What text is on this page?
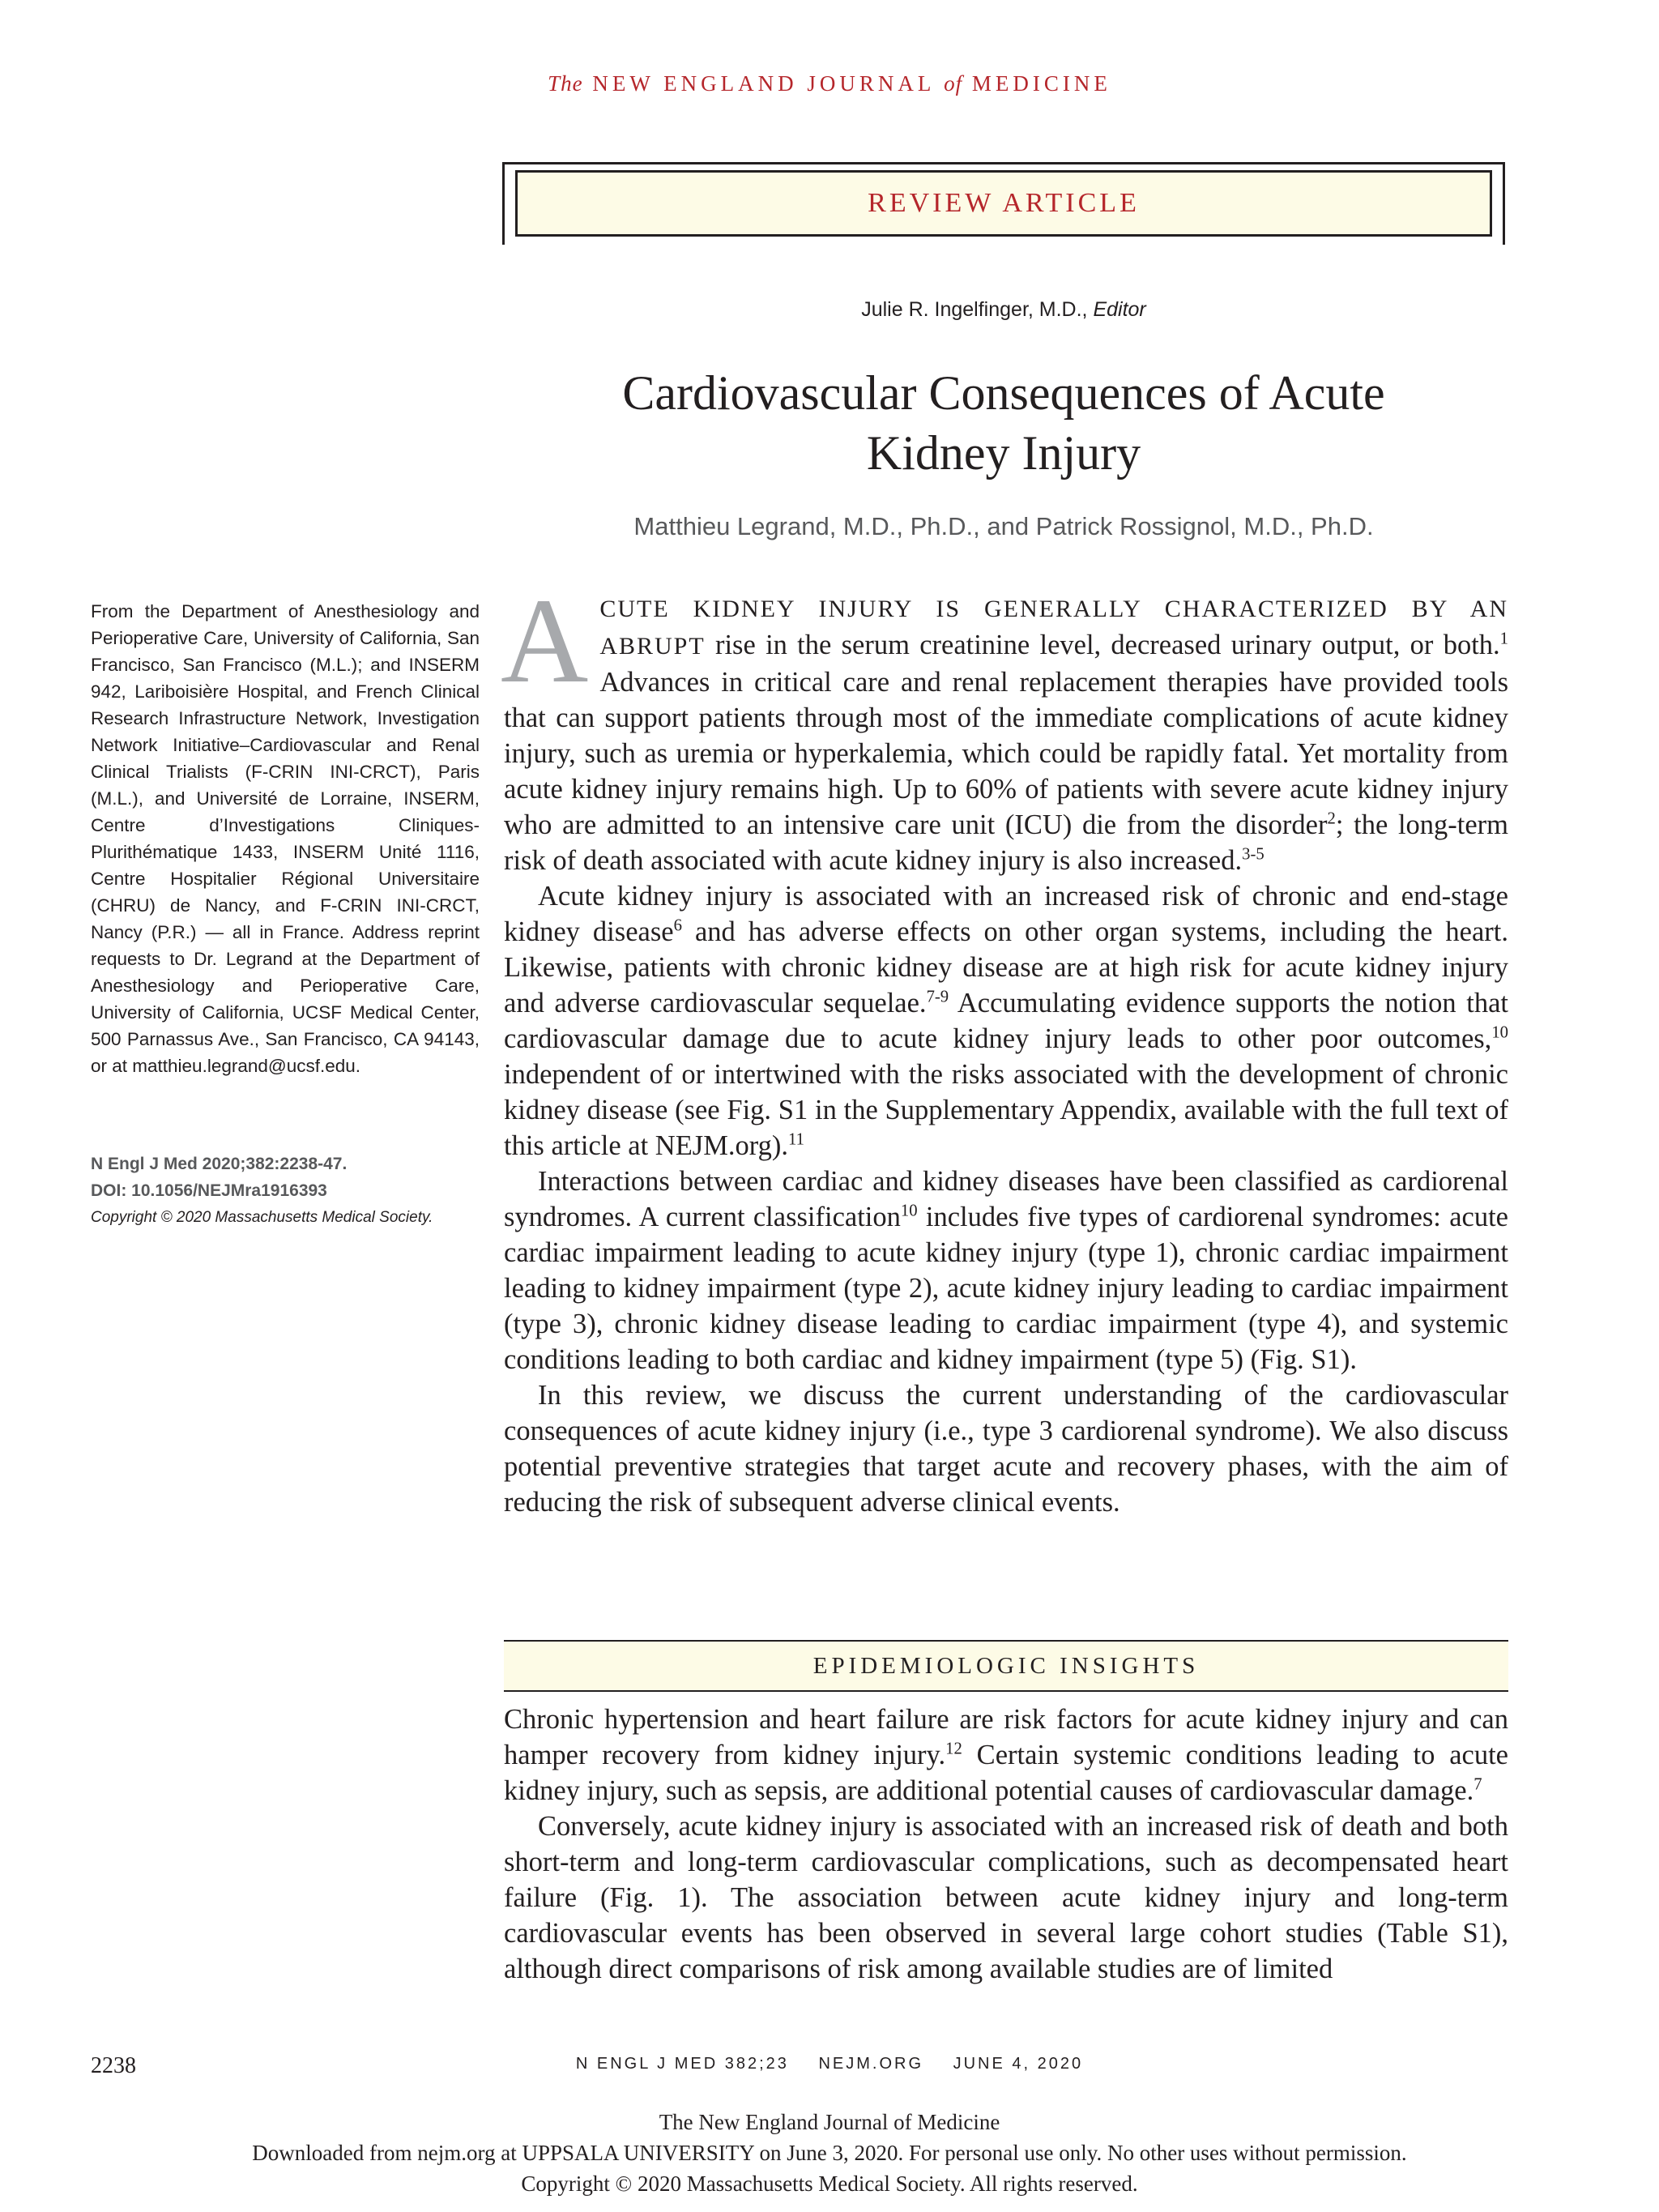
The NEW ENGLAND JOURNAL of MEDICINE
REVIEW ARTICLE
Julie R. Ingelfinger, M.D., Editor
Cardiovascular Consequences of Acute
Kidney Injury
Matthieu Legrand, M.D., Ph.D., and Patrick Rossignol, M.D., Ph.D.

From the Department of Anesthesiology and Perioperative Care, University of California, San Francisco, San Francisco (M.L.); and INSERM 942, Lariboisière Hospital, and French Clinical Research Infrastructure Network, Investigation Network Initiative–Cardiovascular and Renal Clinical Trialists (F-CRIN INI-CRCT), Paris (M.L.), and Université de Lorraine, INSERM, Centre d’Investigations Cliniques-Plurithématique 1433, INSERM Unité 1116, Centre Hospitalier Régional Universitaire (CHRU) de Nancy, and F-CRIN INI-CRCT, Nancy (P.R.) — all in France. Address reprint requests to Dr. Legrand at the Department of Anesthesiology and Perioperative Care, University of California, UCSF Medical Center, 500 Parnassus Ave., San Francisco, CA 94143, or at matthieu.legrand@ucsf.edu.

N Engl J Med 2020;382:2238-47.
DOI: 10.1056/NEJMra1916393
Copyright © 2020 Massachusetts Medical Society.

ACUTE KIDNEY INJURY IS GENERALLY CHARACTERIZED BY AN ABRUPT rise in the serum creatinine level, decreased urinary output, or both.$^1$ Advances in critical care and renal replacement therapies have provided tools that can support patients through most of the immediate complications of acute kidney injury, such as uremia or hyperkalemia, which could be rapidly fatal. Yet mortality from acute kidney injury remains high. Up to 60% of patients with severe acute kidney injury who are admitted to an intensive care unit (ICU) die from the disorder$^2$; the long-term risk of death associated with acute kidney injury is also increased.$^{3-5}$

Acute kidney injury is associated with an increased risk of chronic and end-stage kidney disease$^6$ and has adverse effects on other organ systems, including the heart. Likewise, patients with chronic kidney disease are at high risk for acute kidney injury and adverse cardiovascular sequelae.$^{7-9}$ Accumulating evidence supports the notion that cardiovascular damage due to acute kidney injury leads to other poor outcomes,$^{10}$ independent of or intertwined with the risks associated with the development of chronic kidney disease (see Fig. S1 in the Supplementary Appendix, available with the full text of this article at NEJM.org).$^{11}$

Interactions between cardiac and kidney diseases have been classified as cardiorenal syndromes. A current classification$^{10}$ includes five types of cardiorenal syndromes: acute cardiac impairment leading to acute kidney injury (type 1), chronic cardiac impairment leading to kidney impairment (type 2), acute kidney injury leading to cardiac impairment (type 3), chronic kidney disease leading to cardiac impairment (type 4), and systemic conditions leading to both cardiac and kidney impairment (type 5) (Fig. S1).

In this review, we discuss the current understanding of the cardiovascular consequences of acute kidney injury (i.e., type 3 cardiorenal syndrome). We also discuss potential preventive strategies that target acute and recovery phases, with the aim of reducing the risk of subsequent adverse clinical events.

EPIDEMIOLOGIC INSIGHTS

Chronic hypertension and heart failure are risk factors for acute kidney injury and can hamper recovery from kidney injury.$^{12}$ Certain systemic conditions leading to acute kidney injury, such as sepsis, are additional potential causes of cardiovascular damage.$^7$

Conversely, acute kidney injury is associated with an increased risk of death and both short-term and long-term cardiovascular complications, such as decompensated heart failure (Fig. 1). The association between acute kidney injury and long-term cardiovascular events has been observed in several large cohort studies (Table S1), although direct comparisons of risk among available studies are of limited

2238	N ENGL J MED 382;23 NEJM.ORG JUNE 4, 2020
The New England Journal of Medicine
Downloaded from nejm.org at UPPSALA UNIVERSITY on June 3, 2020. For personal use only. No other uses without permission.
Copyright © 2020 Massachusetts Medical Society. All rights reserved.
